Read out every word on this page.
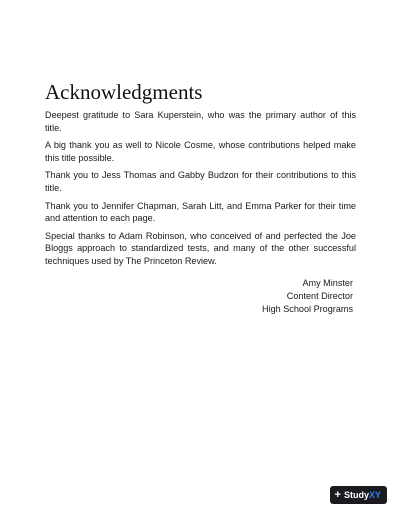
Acknowledgments

Deepest gratitude to Sara Kuperstein, who was the primary author of this title.

A big thank you as well to Nicole Cosme, whose contributions helped make this title possible.

Thank you to Jess Thomas and Gabby Budzon for their contributions to this title.

Thank you to Jennifer Chapman, Sarah Litt, and Emma Parker for their time and attention to each page.

Special thanks to Adam Robinson, who conceived of and perfected the Joe Bloggs approach to standardized tests, and many of the other successful techniques used by The Princeton Review.

Amy Minster
Content Director
High School Programs
+ StudyXY
